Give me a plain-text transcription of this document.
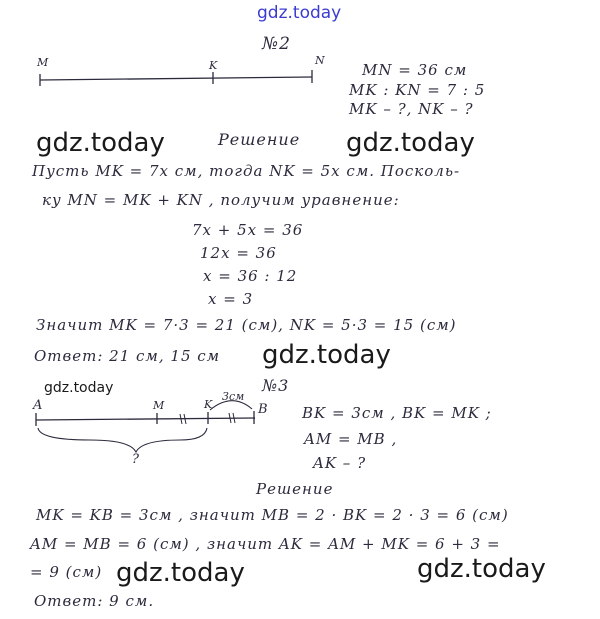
gdz.today
gdz.today	gdz.today
gdz.today
gdz.today
gdz.today	gdz.today
№2
M	K	N
MN = 36 см
MK : KN = 7 : 5
MK – ?, NK – ?
Решение
Пусть MK = 7x см, тогда NK = 5x см. Посколь-
ку MN = MK + KN , получим уравнение:
7x + 5x = 36
12x = 36
x = 36 : 12
x = 3
Значит MK = 7·3 = 21 (см), NK = 5·3 = 15 (см)
Ответ: 21 см, 15 см
№3
A	M	K	B
3см
?
BK = 3см , BK = MK ;
AM = MB ,
AK – ?
Решение
MK = KB = 3см , значит MB = 2 · BK = 2 · 3 = 6 (см)
AM = MB = 6 (см) , значит AK = AM + MK = 6 + 3 =
= 9 (см)
Ответ: 9 см.
